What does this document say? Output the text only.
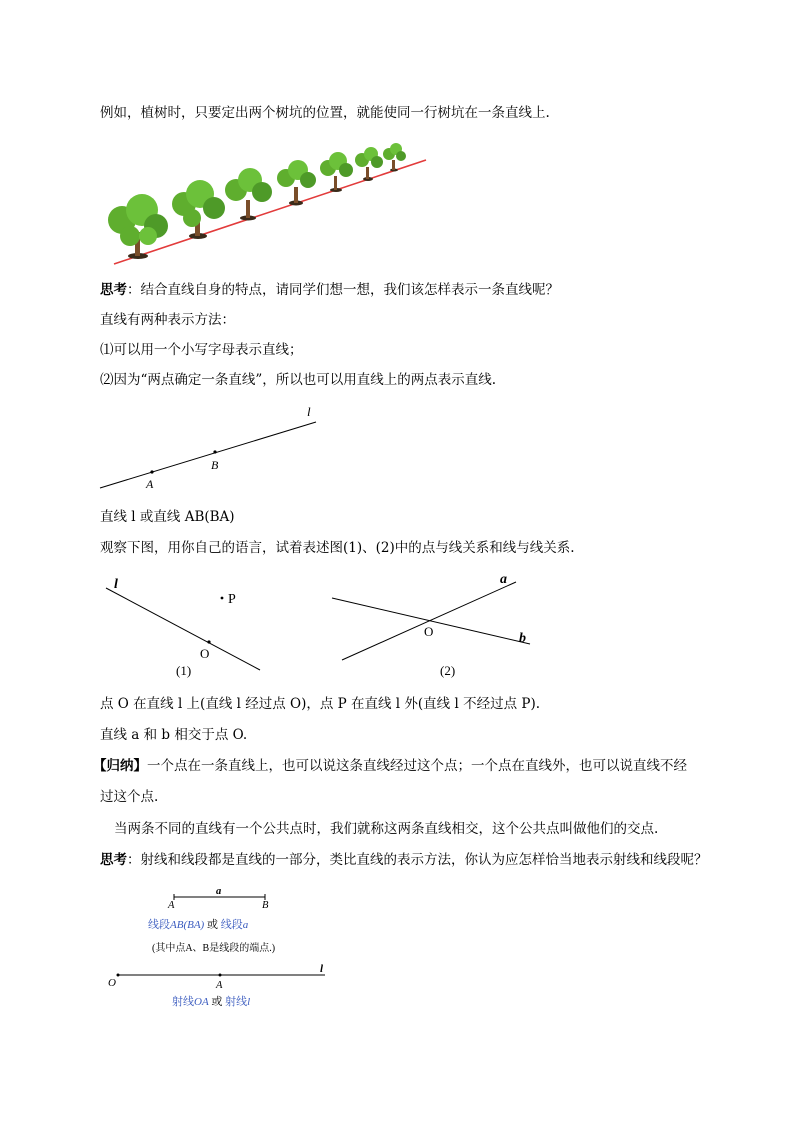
例如，植树时，只要定出两个树坑的位置，就能使同一行树坑在一条直线上.
思考：结合直线自身的特点，请同学们想一想，我们该怎样表示一条直线呢？
直线有两种表示方法：
⑴可以用一个小写字母表示直线；
⑵因为“两点确定一条直线”，所以也可以用直线上的两点表示直线.
l
A
B
直线 l 或直线 AB(BA)
观察下图，用你自己的语言，试着表述图(1)、(2)中的点与线关系和线与线关系.
l
P
O
(1)
a
b
O
(2)
点 O 在直线 l 上(直线 l 经过点 O)，点 P 在直线 l 外(直线 l 不经过点 P).
直线 a 和 b 相交于点 O.
【归纳】一个点在一条直线上，也可以说这条直线经过这个点；一个点在直线外，也可以说直线不经
过这个点.
当两条不同的直线有一个公共点时，我们就称这两条直线相交，这个公共点叫做他们的交点.
思考：射线和线段都是直线的一部分，类比直线的表示方法，你认为应怎样恰当地表示射线和线段呢？
a
A	B
线段AB(BA) 或 线段a
(其中点A、B是线段的端点.)
O	A
l
射线OA 或 射线l
